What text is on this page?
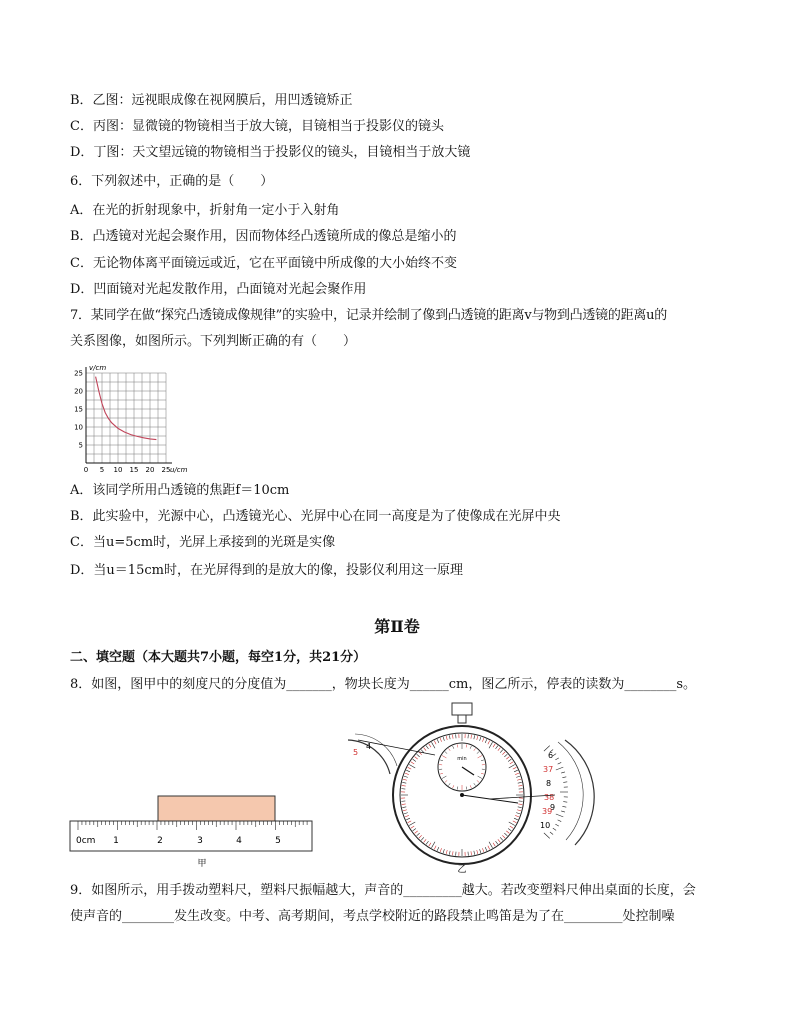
B．乙图：远视眼成像在视网膜后，用凹透镜矫正
C．丙图：显微镜的物镜相当于放大镜，目镜相当于投影仪的镜头
D．丁图：天文望远镜的物镜相当于投影仪的镜头，目镜相当于放大镜
6．下列叙述中，正确的是（　　）
A．在光的折射现象中，折射角一定小于入射角
B．凸透镜对光起会聚作用，因而物体经凸透镜所成的像总是缩小的
C．无论物体离平面镜远或近，它在平面镜中所成像的大小始终不变
D．凹面镜对光起发散作用，凸面镜对光起会聚作用
7．某同学在做“探究凸透镜成像规律”的实验中，记录并绘制了像到凸透镜的距离v与物到凸透镜的距离u的
关系图像，如图所示。下列判断正确的有（　　）
0 5 10 15 20 25
5
10
15
20
25
v/cm
u/cm
A．该同学所用凸透镜的焦距f＝10cm
B．此实验中，光源中心，凸透镜光心、光屏中心在同一高度是为了使像成在光屏中央
C．当u=5cm时，光屏上承接到的光斑是实像
D．当u＝15cm时，在光屏得到的是放大的像，投影仪利用这一原理
第Ⅱ卷
二、填空题（本大题共7小题，每空1分，共21分）
8．如图，图甲中的刻度尺的分度值为_______，物块长度为______cm，图乙所示，停表的读数为________s。
0cm 1	2	3	4	5
甲
min
5
4
6
37
8
38
9
39
10
乙
9．如图所示，用手拨动塑料尺，塑料尺振幅越大，声音的_________越大。若改变塑料尺伸出桌面的长度，会
使声音的________发生改变。中考、高考期间，考点学校附近的路段禁止鸣笛是为了在_________处控制噪
